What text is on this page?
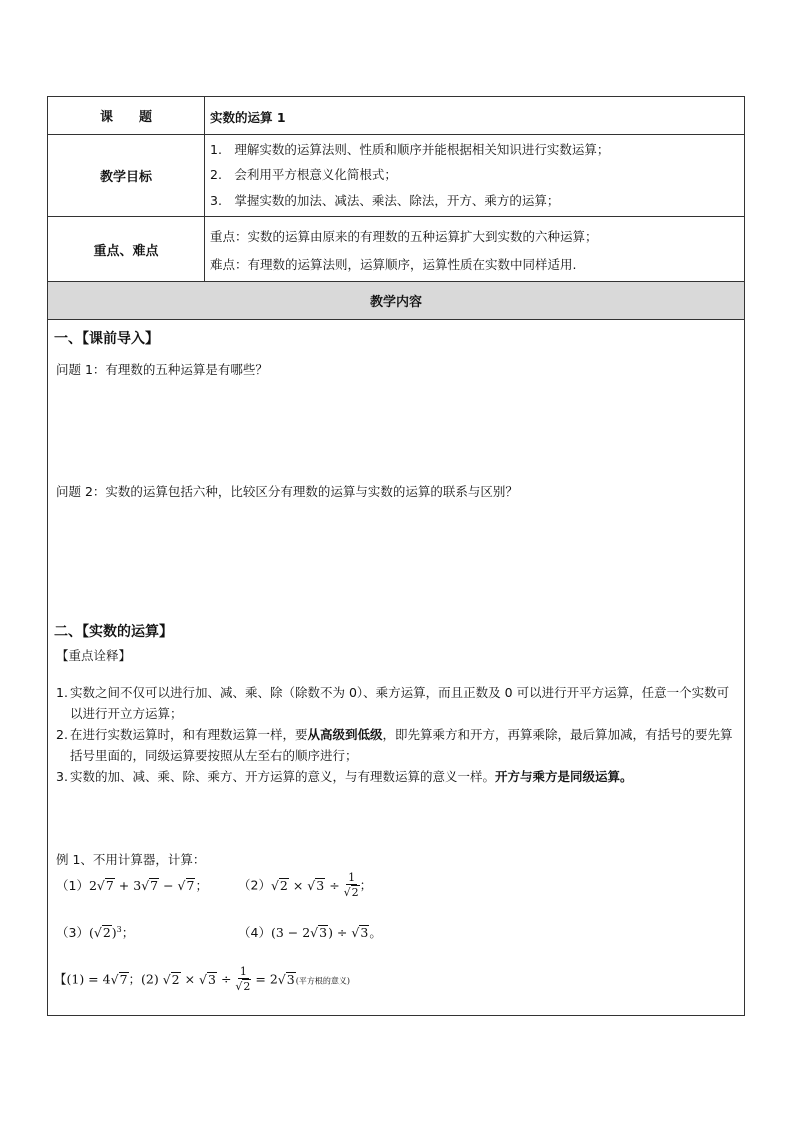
课　　题	实数的运算 1
教学目标
1.　理解实数的运算法则、性质和顺序并能根据相关知识进行实数运算；
2.　会利用平方根意义化简根式；
3.　掌握实数的加法、减法、乘法、除法，开方、乘方的运算；
重点、难点
重点：实数的运算由原来的有理数的五种运算扩大到实数的六种运算；
难点：有理数的运算法则，运算顺序，运算性质在实数中同样适用.
教学内容
一、【课前导入】
问题 1：有理数的五种运算是有哪些？
问题 2：实数的运算包括六种，比较区分有理数的运算与实数的运算的联系与区别？
二、【实数的运算】
【重点诠释】
1. 实数之间不仅可以进行加、减、乘、除（除数不为 0）、乘方运算，而且正数及 0 可以进行开平方运算，任意一个实数可以进行开立方运算；
2. 在进行实数运算时，和有理数运算一样，要从高级到低级，即先算乘方和开方，再算乘除，最后算加减，有括号的要先算括号里面的，同级运算要按照从左至右的顺序进行；
3. 实数的加、减、乘、除、乘方、开方运算的意义，与有理数运算的意义一样。开方与乘方是同级运算。
例 1、不用计算器，计算：
（1）2 √ 7 + 3 √ 7 − √ 7； （2） √ 2 × √ 3 ÷ 1
√ 2 ；
（3）( √ 2)$^3$；	（4）(3 − 2 √ 3) ÷ √ 3。
【(1) = 4 √ 7；(2) √ 2 × √ 3 ÷ 1
√ 2 = 2 √ 3(平方根的意义)
